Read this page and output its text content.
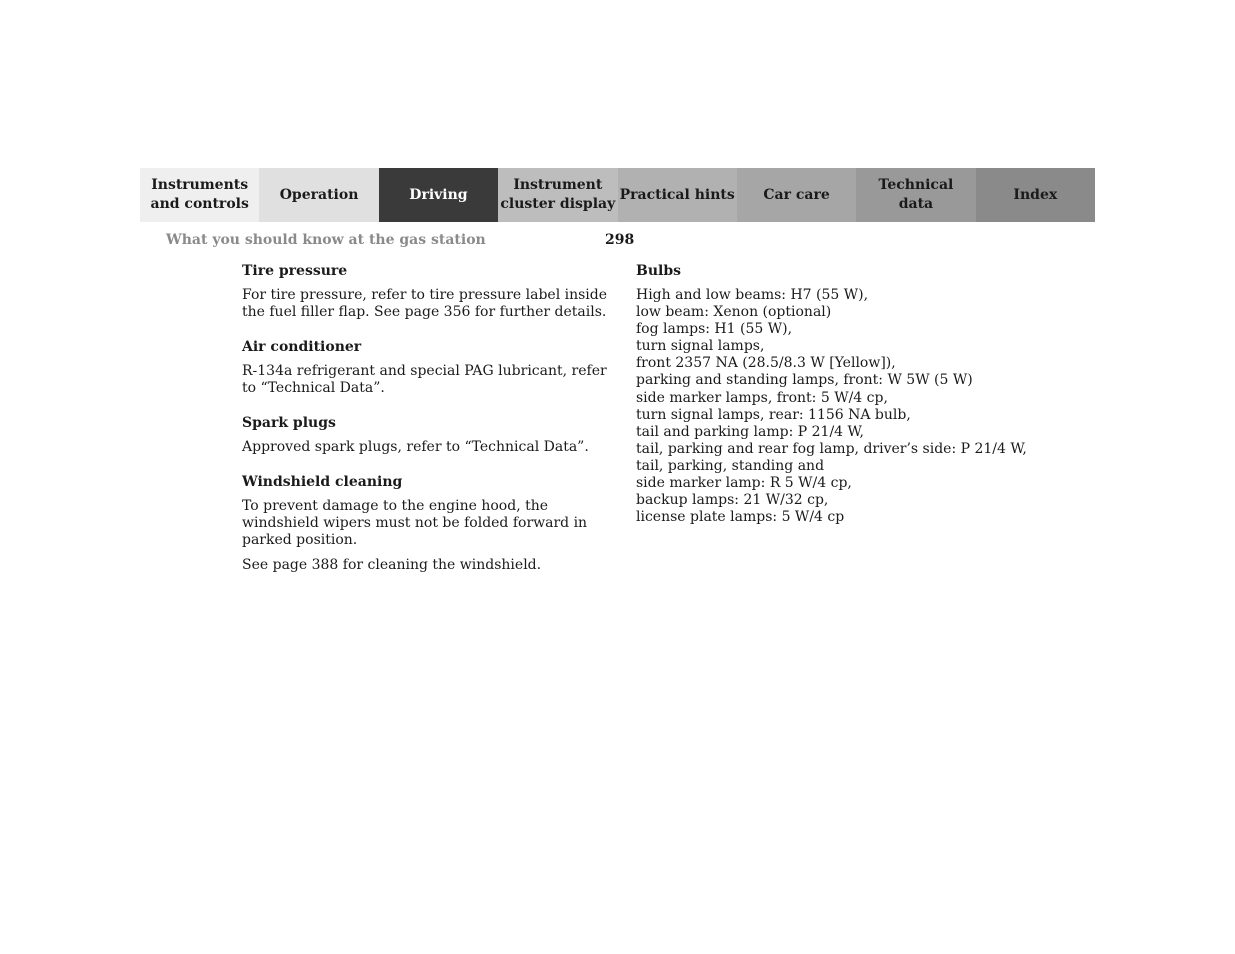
Instruments
and controls
Operation	Driving
Instrument
cluster display
Practical hints	Car care
Technical
data
Index
What you should know at the gas station	298
Tire pressure

For tire pressure, refer to tire pressure label inside the fuel filler flap. See page 356 for further details.

Air conditioner

R-134a refrigerant and special PAG lubricant, refer to “Technical Data”.

Spark plugs

Approved spark plugs, refer to “Technical Data”.

Windshield cleaning

To prevent damage to the engine hood, the windshield wipers must not be folded forward in parked position.

See page 388 for cleaning the windshield.

Bulbs
High and low beams: H7 (55 W),
low beam: Xenon (optional)
fog lamps: H1 (55 W),
turn signal lamps,
front 2357 NA (28.5/8.3 W [Yellow]),
parking and standing lamps, front: W 5W (5 W)
side marker lamps, front: 5 W/4 cp,
turn signal lamps, rear: 1156 NA bulb,
tail and parking lamp: P 21/4 W,
tail, parking and rear fog lamp, driver’s side: P 21/4 W,
tail, parking, standing and
side marker lamp: R 5 W/4 cp,
backup lamps: 21 W/32 cp,
license plate lamps: 5 W/4 cp
